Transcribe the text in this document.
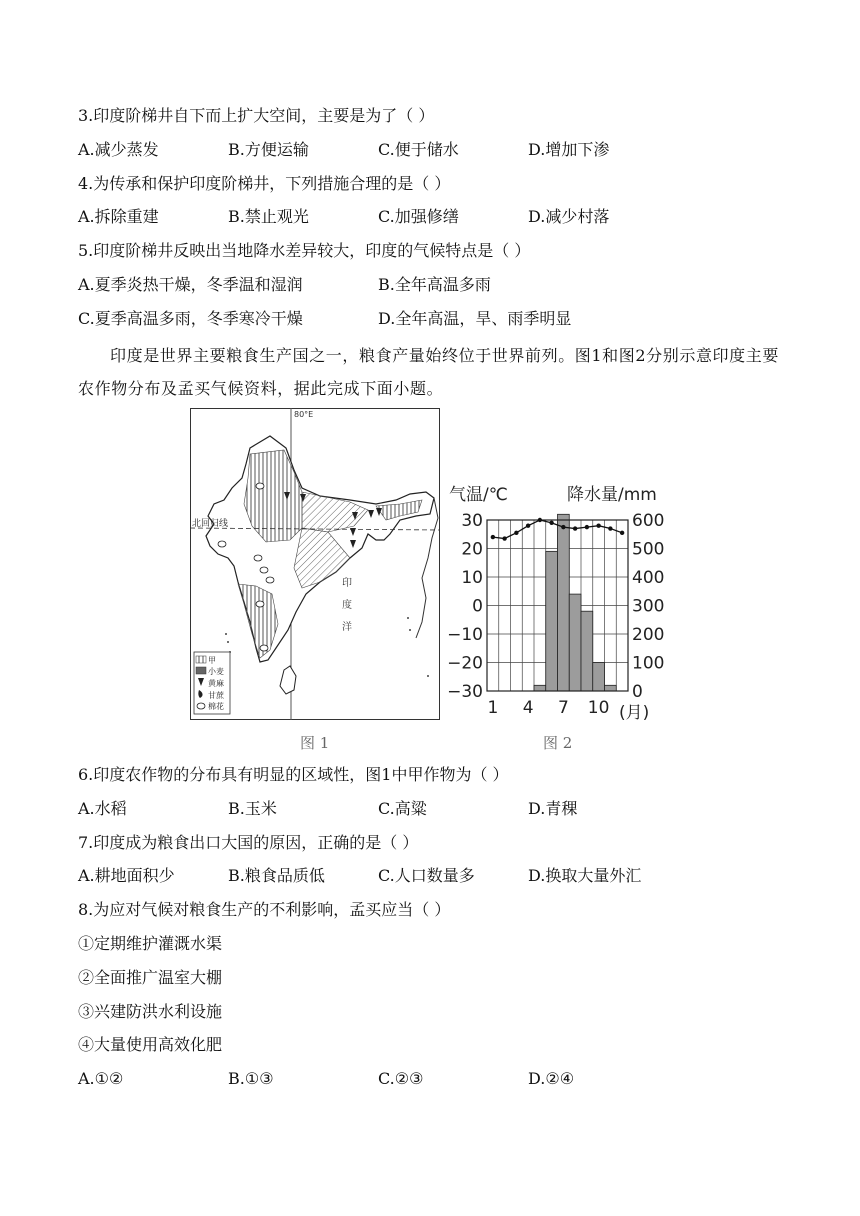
3.印度阶梯井自下而上扩大空间，主要是为了（ ）
A.减少蒸发	B.方便运输	C.便于储水	D.增加下渗
4.为传承和保护印度阶梯井，下列措施合理的是（ ）
A.拆除重建	B.禁止观光	C.加强修缮	D.减少村落
5.印度阶梯井反映出当地降水差异较大，印度的气候特点是（ ）
A.夏季炎热干燥，冬季温和湿润	B.全年高温多雨
C.夏季高温多雨，冬季寒冷干燥	D.全年高温，旱、雨季明显
印度是世界主要粮食生产国之一，粮食产量始终位于世界前列。图1和图2分别示意印度主要农作物分布及孟买气候资料，据此完成下面小题。
80°E
北回归线
印
度
洋
甲
小麦
黄麻
甘蔗
棉花
图 1
气温/℃	降水量/mm
30
20
10
0
−10
−20
−30
600
500
400
300
200
100
0
1 4 7 10 (月)
图 2
6.印度农作物的分布具有明显的区域性，图1中甲作物为（ ）
A.水稻	B.玉米	C.高粱	D.青稞
7.印度成为粮食出口大国的原因，正确的是（ ）
A.耕地面积少	B.粮食品质低	C.人口数量多	D.换取大量外汇
8.为应对气候对粮食生产的不利影响，孟买应当（ ）
①定期维护灌溉水渠
②全面推广温室大棚
③兴建防洪水利设施
④大量使用高效化肥
A.①②	B.①③	C.②③	D.②④
